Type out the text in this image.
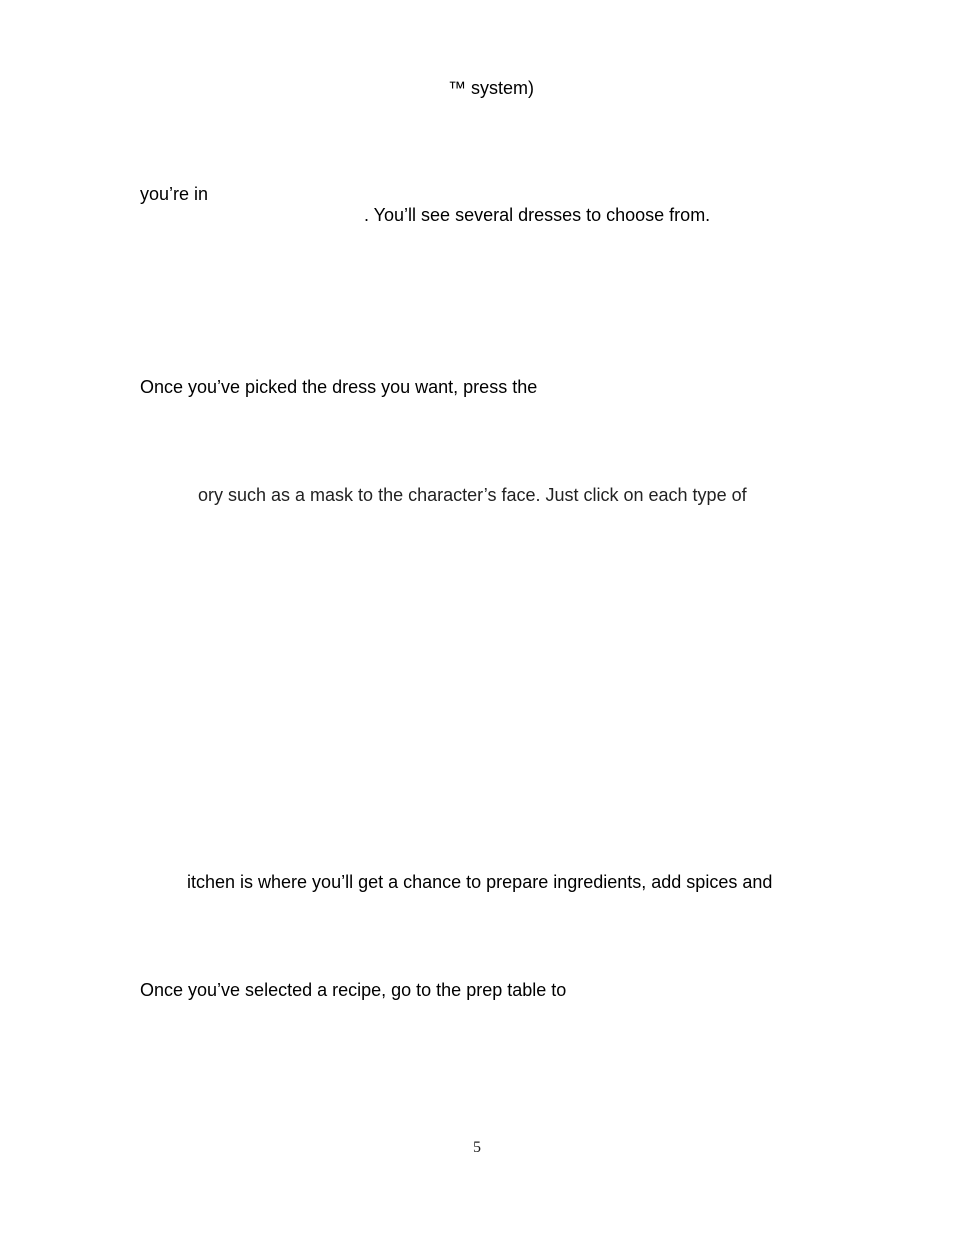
™ system)
you’re in
. You’ll see several dresses to choose from.
Once you’ve picked the dress you want, press the
ory such as a mask to the character’s face. Just click on each type of
itchen is where you’ll get a chance to prepare ingredients, add spices and
Once you’ve selected a recipe, go to the prep table to
5
